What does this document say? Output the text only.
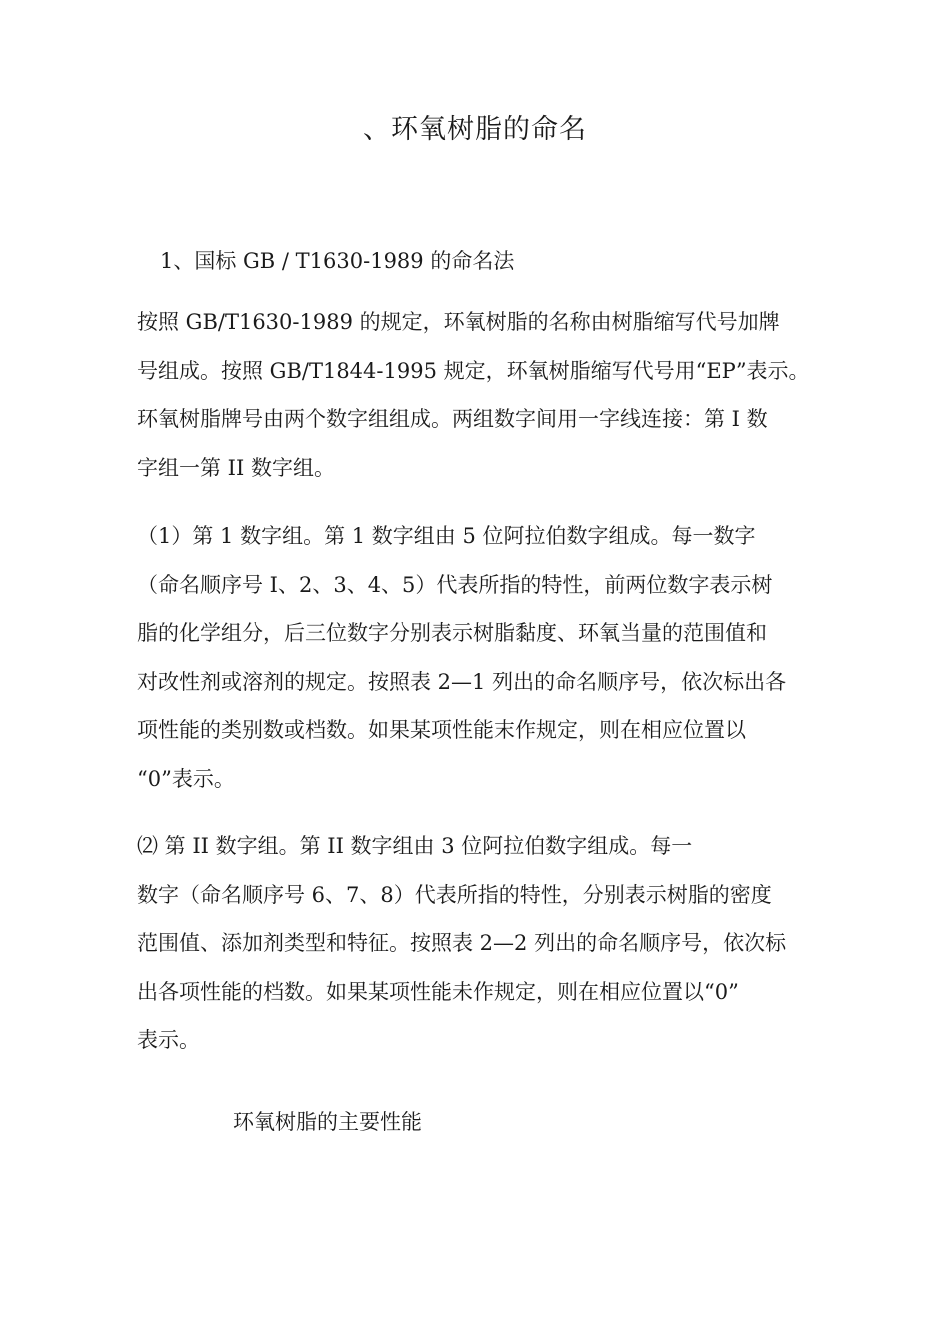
、环氧树脂的命名
1、国标 GB / T1630-1989 的命名法
按照 GB/T1630-1989 的规定，环氧树脂的名称由树脂缩写代号加牌
号组成。按照 GB/T1844-1995 规定，环氧树脂缩写代号用“EP”表示。
环氧树脂牌号由两个数字组组成。两组数字间用一字线连接：第 I 数
字组一第 II 数字组。
（1）第 1 数字组。第 1 数字组由 5 位阿拉伯数字组成。每一数字
（命名顺序号 I、2、3、4、5）代表所指的特性，前两位数字表示树
脂的化学组分，后三位数字分别表示树脂黏度、环氧当量的范围值和
对改性剂或溶剂的规定。按照表 2—1 列出的命名顺序号，依次标出各
项性能的类别数或档数。如果某项性能末作规定，则在相应位置以
“0”表示。
⑵ 第 II 数字组。第 II 数字组由 3 位阿拉伯数字组成。每一
数字（命名顺序号 6、7、8）代表所指的特性，分别表示树脂的密度
范围值、添加剂类型和特征。按照表 2—2 列出的命名顺序号，依次标
出各项性能的档数。如果某项性能未作规定，则在相应位置以“0”
表示。
环氧树脂的主要性能
